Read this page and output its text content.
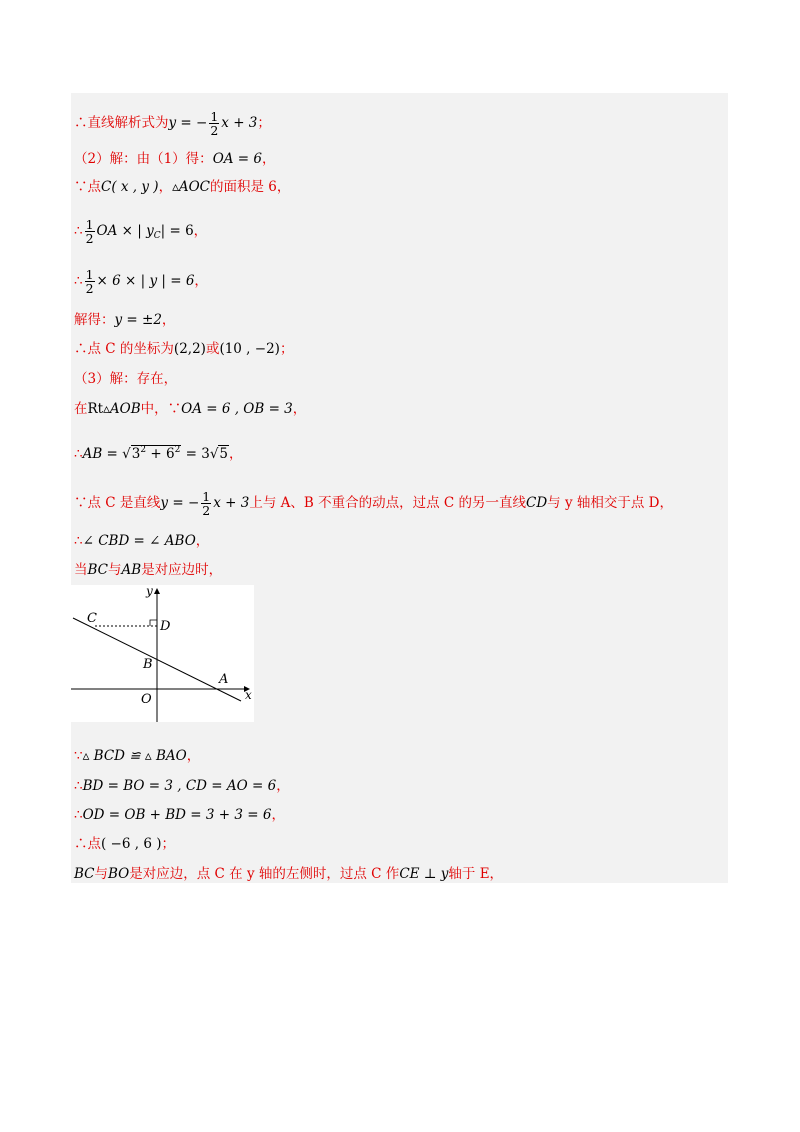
∴直线解析式为y = − $\frac{1}{2}$ x + 3；
（2）解：由（1）得：OA = 6，
∵点C( x , y )，▵AOC的面积是 6，
∴ $\frac{1}{2}$ OA × | $y_C| = 6$，
∴ $\frac{1}{2} \times 6$ × | y | = 6，
解得：y = ±2，
∴点 C 的坐标为(2,2)或(10 , −2)；
（3）解：存在，
在Rt▵AOB中，∵OA = 6 , OB = 3，
∴AB = $√3^2 + 6^2 = 3√5$，
∵点 C 是直线y = − $\frac{1}{2}$ x + 3上与 A、B 不重合的动点，过点 C 的另一直线CD与 y 轴相交于点 D，
∴∠ CBD = ∠ ABO，
当BC与AB是对应边时，
C
D
B
A
O	x
y
∵▵ BCD ≌ ▵ BAO，
∴BD = BO = 3 , CD = AO = 6，
∴OD = OB + BD = 3 + 3 = 6，
∴点( −6 , 6 )；
BC与BO是对应边，点 C 在 y 轴的左侧时，过点 C 作CE ⊥ y轴于 E，
